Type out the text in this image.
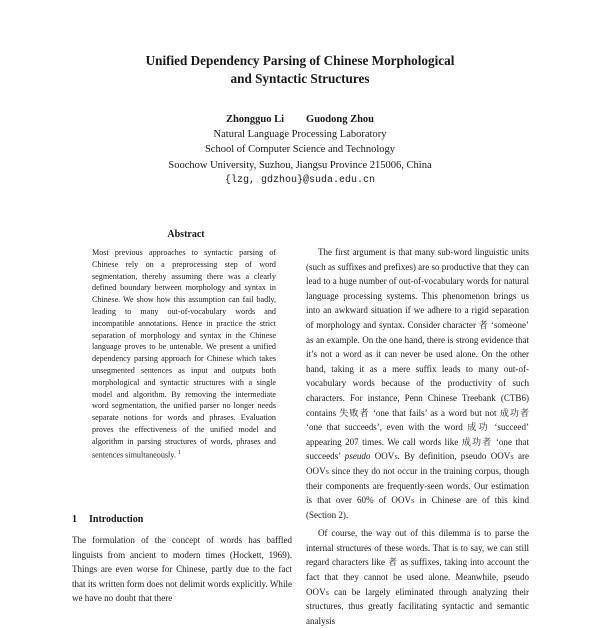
Unified Dependency Parsing of Chinese Morphological
and Syntactic Structures
Zhongguo Li Guodong Zhou
Natural Language Processing Laboratory
School of Computer Science and Technology
Soochow University, Suzhou, Jiangsu Province 215006, China
{lzg, gdzhou}@suda.edu.cn
Abstract
Most previous approaches to syntactic parsing of Chinese rely on a preprocessing step of word segmentation, thereby assuming there was a clearly defined boundary between morphology and syntax in Chinese. We show how this assumption can fail badly, leading to many out-of-vocabulary words and incompatible annotations. Hence in practice the strict separation of morphology and syntax in the Chinese language proves to be untenable. We present a unified dependency parsing approach for Chinese which takes unsegmented sentences as input and outputs both morphological and syntactic structures with a single model and algorithm. By removing the intermediate word segmentation, the unified parser no longer needs separate notions for words and phrases. Evaluation proves the effectiveness of the unified model and algorithm in parsing structures of words, phrases and sentences simultaneously. $^1$
1 Introduction
The formulation of the concept of words has baffled linguists from ancient to modern times (Hockett, 1969). Things are even worse for Chinese, partly due to the fact that its written form does not delimit words explicitly. While we have no doubt that there

The first argument is that many sub-word linguistic units (such as suffixes and prefixes) are so productive that they can lead to a huge number of out-of-vocabulary words for natural language processing systems. This phenomenon brings us into an awkward situation if we adhere to a rigid separation of morphology and syntax. Consider character 者 ‘someone’ as an example. On the one hand, there is strong evidence that it’s not a word as it can never be used alone. On the other hand, taking it as a mere suffix leads to many out-of-vocabulary words because of the productivity of such characters. For instance, Penn Chinese Treebank (CTB6) contains 失败者 ‘one that fails’ as a word but not 成功者 ‘one that succeeds’, even with the word 成功 ‘succeed’ appearing 207 times. We call words like 成功者 ‘one that succeeds’ pseudo OOVs. By definition, pseudo OOVs are OOVs since they do not occur in the training corpus, though their components are frequently-seen words. Our estimation is that over 60% of OOVs in Chinese are of this kind (Section 2).

Of course, the way out of this dilemma is to parse the internal structures of these words. That is to say, we can still regard characters like 者 as suffixes, taking into account the fact that they cannot be used alone. Meanwhile, pseudo OOVs can be largely eliminated through analyzing their structures, thus greatly facilitating syntactic and semantic analysis
